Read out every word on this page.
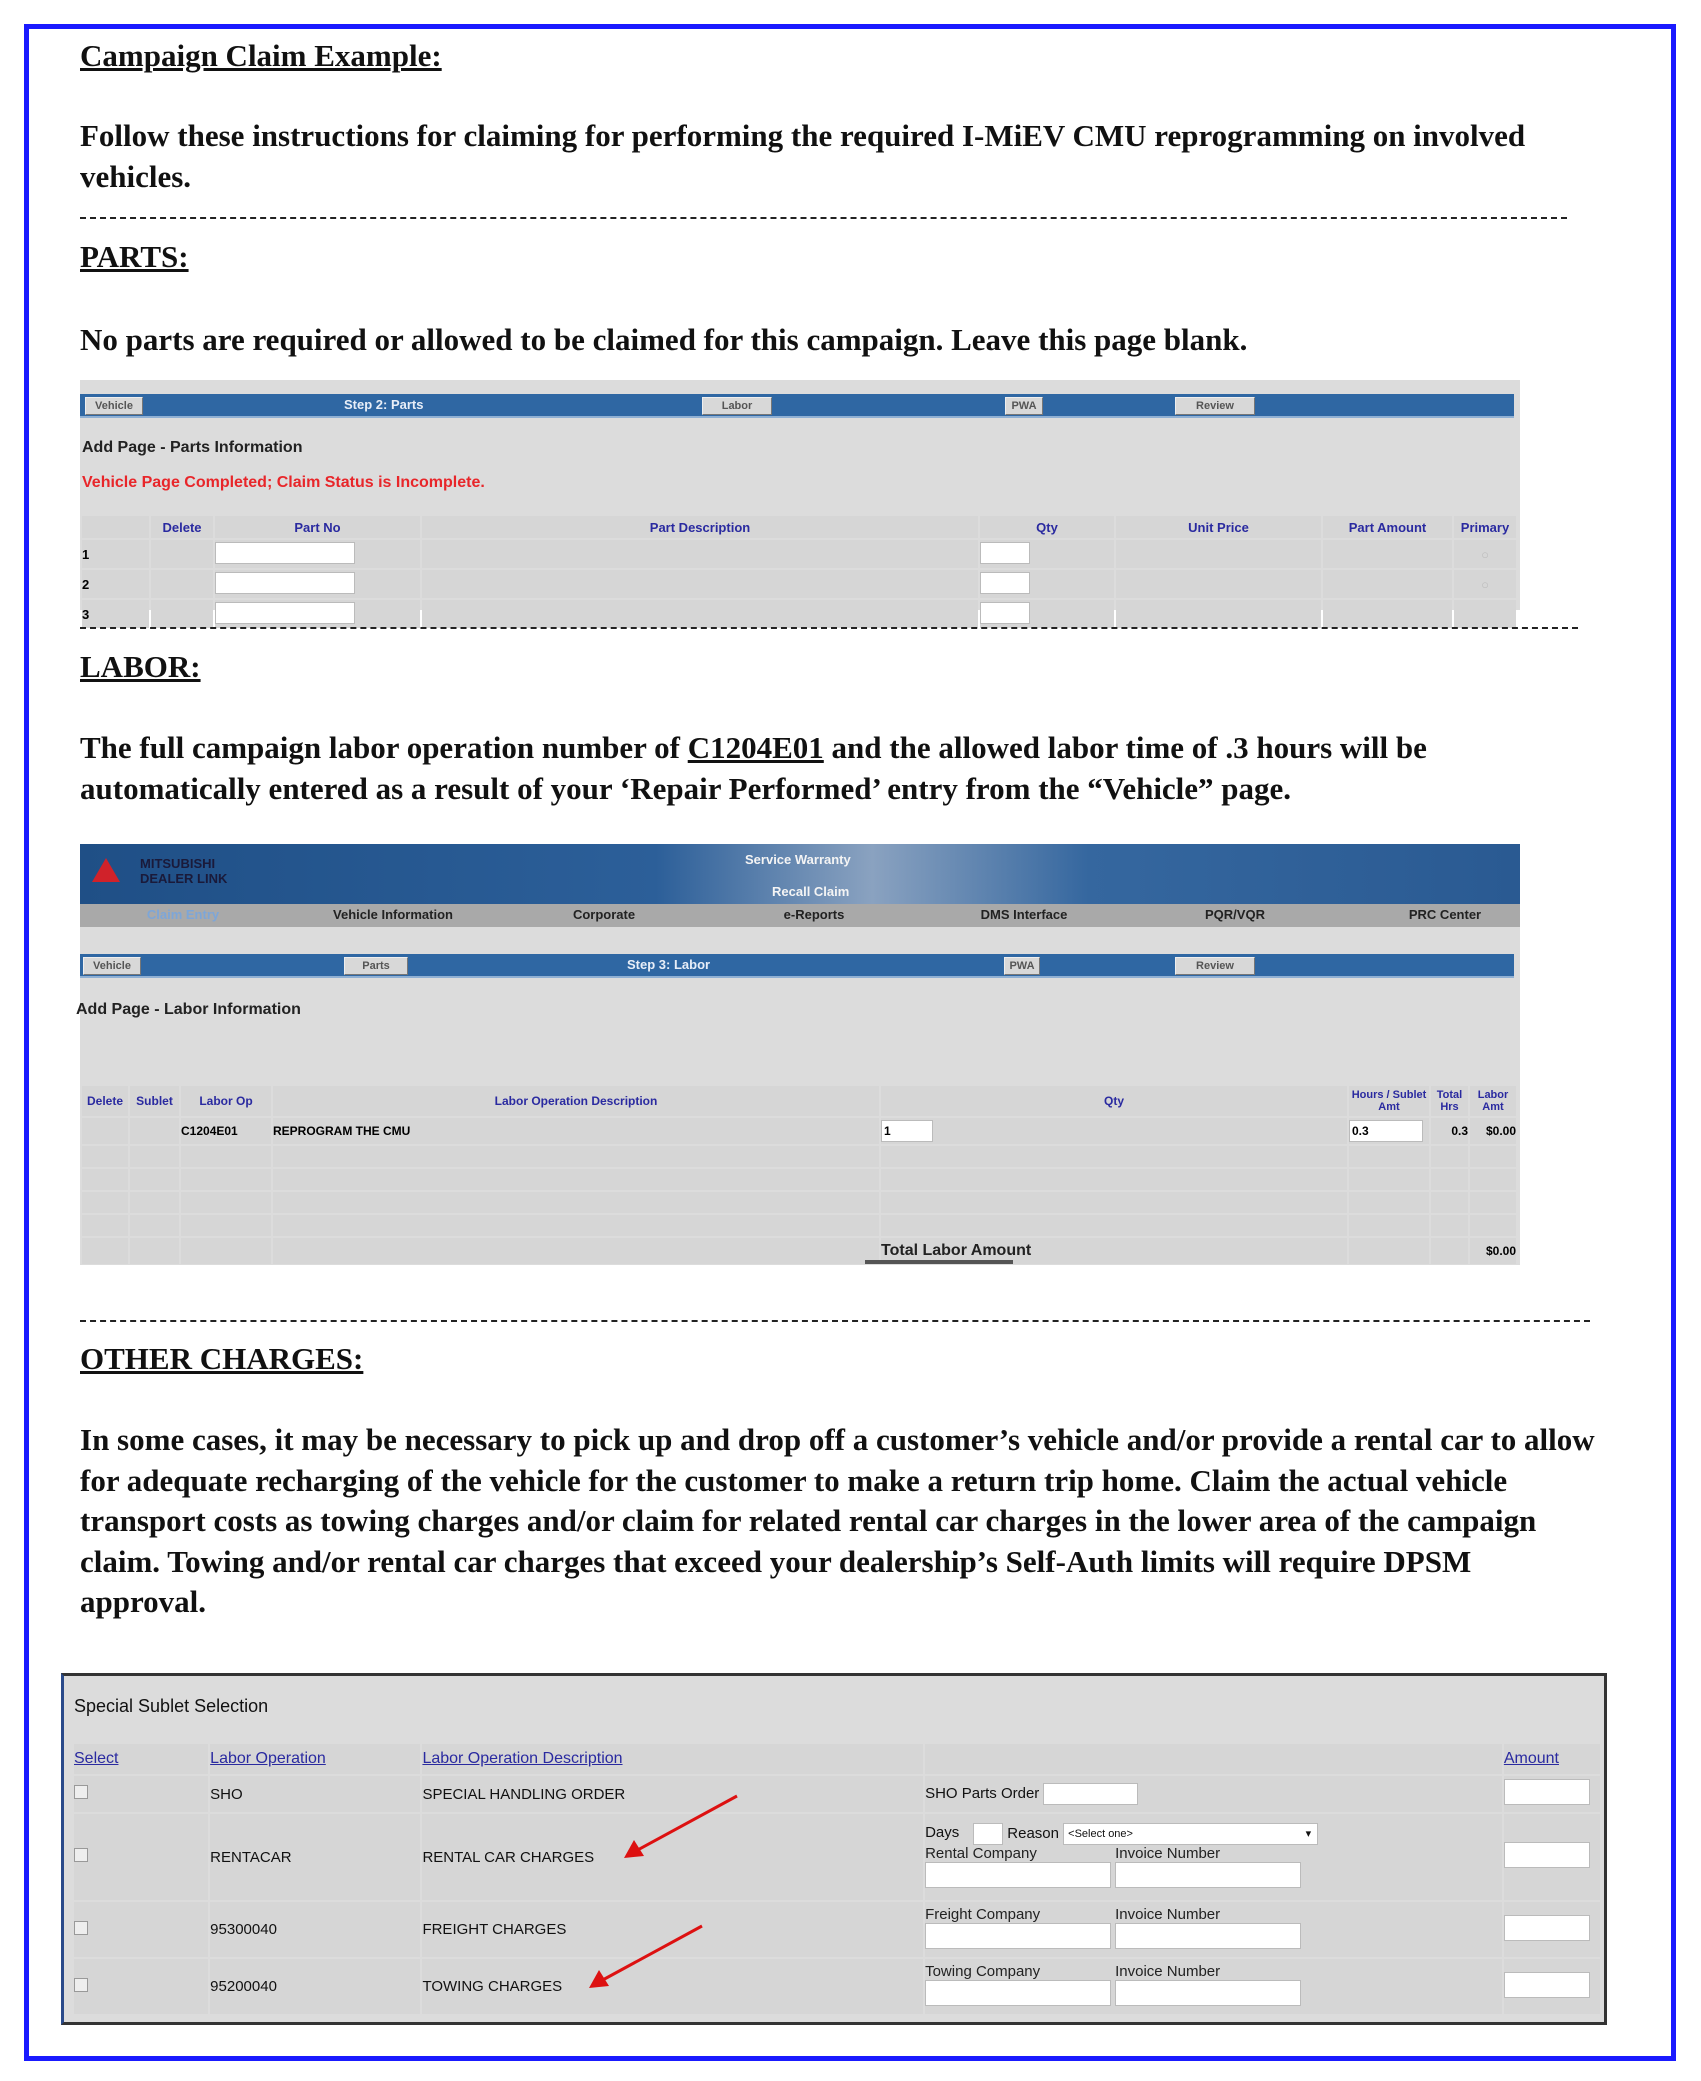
Campaign Claim Example:
Follow these instructions for claiming for performing the required I-MiEV CMU reprogramming on involved vehicles.
PARTS:
No parts are required or allowed to be claimed for this campaign. Leave this page blank.
Vehicle	Step 2: Parts	Labor	PWA	Review
Add Page - Parts Information
Vehicle Page Completed; Claim Status is Incomplete.
	Delete	Part No	Part Description	Qty	Unit Price	Part Amount	Primary
1							○
2							○
3							
LABOR:
The full campaign labor operation number of C1204E01 and the allowed labor time of .3 hours will be automatically entered as a result of your ‘Repair Performed’ entry from the “Vehicle” page.
MITSUBISHI
DEALER LINK
Service Warranty
Recall Claim
Claim Entry	Vehicle Information	Corporate	e-Reports	DMS Interface	PQR/VQR	PRC Center
Vehicle	Parts	Step 3: Labor	PWA	Review
Add Page - Labor Information
Delete	Sublet	Labor Op	Labor Operation Description	Qty	Hours / Sublet Amt	Total Hrs	Labor Amt
		C1204E01	REPROGRAM THE CMU	1	0.3	0.3	$0.00

				Total Labor Amount			$0.00
OTHER CHARGES:
In some cases, it may be necessary to pick up and drop off a customer’s vehicle and/or provide a rental car to allow for adequate recharging of the vehicle for the customer to make a return trip home. Claim the actual vehicle transport costs as towing charges and/or claim for related rental car charges in the lower area of the campaign claim. Towing and/or rental car charges that exceed your dealership’s Self-Auth limits will require DPSM approval.
Special Sublet Selection
Select	Labor Operation	Labor Operation Description		Amount
	SHO	SPECIAL HANDLING ORDER	SHO Parts Order	
	RENTACAR	RENTAL CAR CHARGES	Days Reason <Select one> ▾
Rental Company Invoice Number	

	95300040	FREIGHT CHARGES	Freight Company Invoice Number	

	95200040	TOWING CHARGES	Towing Company Invoice Number	
